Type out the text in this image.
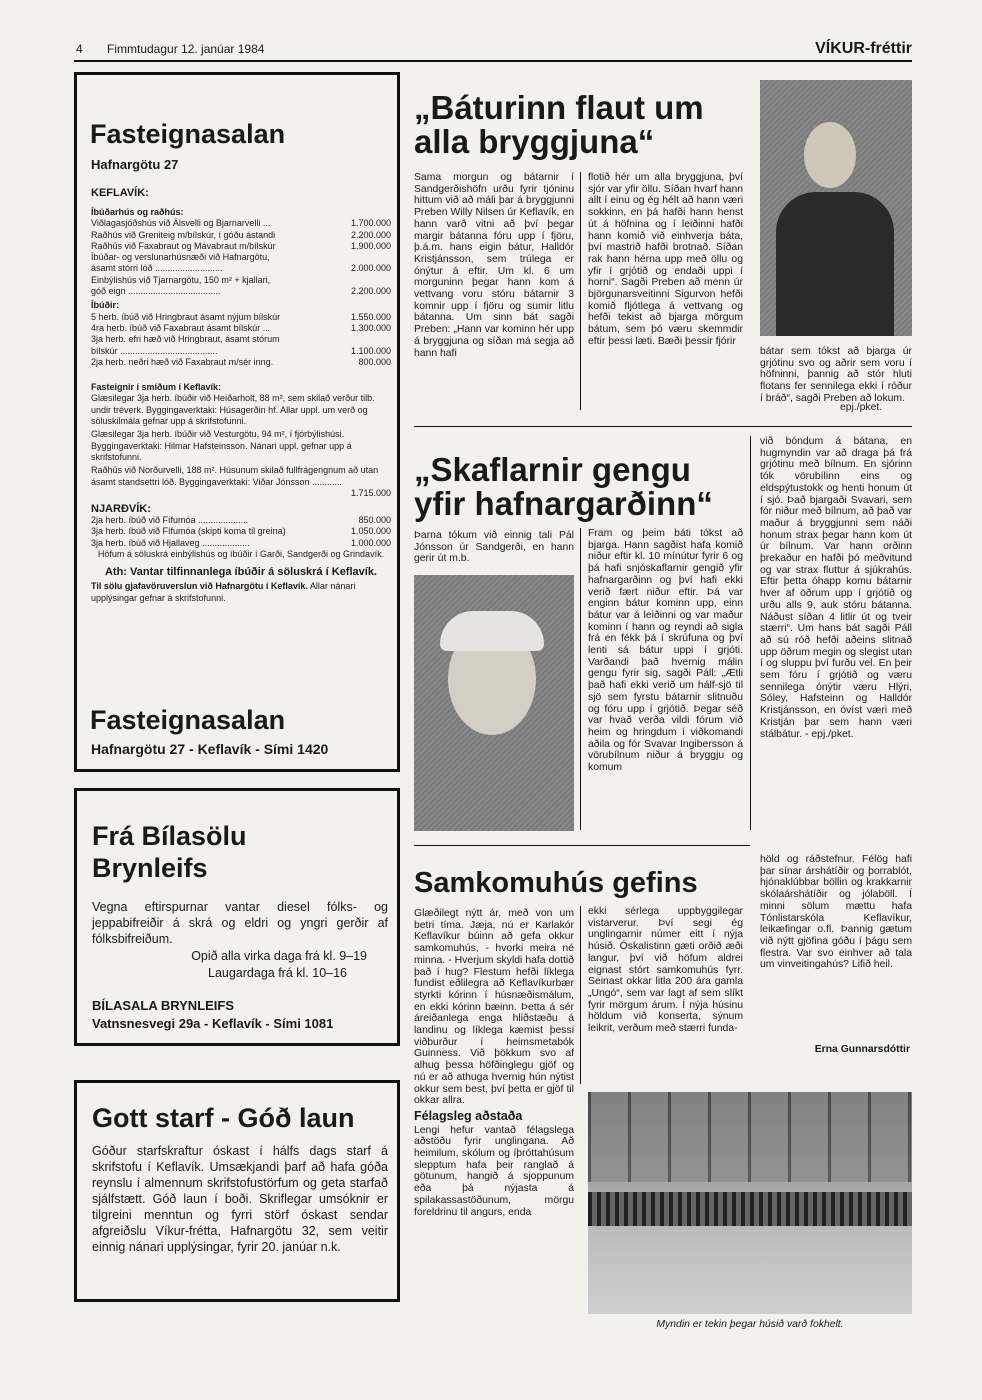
4 Fimmtudagur 12. janúar 1984	VÍKUR-fréttir
Fasteignasalan
Hafnargötu 27
KEFLAVÍK:
Íbúðarhús og raðhús:
Viðlagasjóðshús við Álsvelli og Bjarnarvelli ...	1.700.000
Raðhús við Greniteig m/bílskúr, í góðu ástandi	2.200.000
Raðhús við Faxabraut og Mávabraut m/bílskúr	1.900.000
Íbúðar- og verslunarhúsnæði við Hafnargötu,
ásamt stórri lóð ...........................	2.000.000
Einbýlishús við Tjarnargötu, 150 m² + kjallari,
góð eign .....................................	2.200.000
Íbúðir:
5 herb. íbúð við Hringbraut ásamt nýjum bílskúr	1.550.000
4ra herb. íbúð við Faxabraut ásamt bílskúr ...	1.300.000
3ja herb. efri hæð við Hringbraut, ásamt stórum
bílskúr .......................................	1.100.000
2ja herb. neðri hæð við Faxabraut m/sér inng.	800.000
Fasteignir í smíðum í Keflavík:
Glæsilegar 3ja herb. íbúðir við Heiðarholt, 88 m², sem skilað verður tilb. undir tréverk. Byggingaverktaki: Húsagerðin hf. Allar uppl. um verð og söluskilmála gefnar upp á skrifstofunni.
Glæsilegar 3ja herb. íbúðir við Vesturgötu, 94 m², í fjórbýlishúsi. Byggingaverktaki: Hilmar Hafsteinsson. Nánari uppl. gefnar upp á skrifstofunni.
Raðhús við Norðurvelli, 188 m². Húsunum skilað fullfrágengnum að utan ásamt standsettri lóð. Byggingaverktaki: Viðar Jónsson ............
1.715.000
NJARÐVÍK:
2ja herb. íbúð við Fífumóa ....................	850.000
3ja herb. íbúð við Fífumóa (skipti koma til greina)	1.050.000
3ja herb. íbúð við Hjallaveg ...................	1.000.000
Höfum á söluskrá einbýlishús og íbúðir í Garði, Sandgerði og Grindavík.
Ath: Vantar tilfinnanlega íbúðir á söluskrá í Keflavík.
Til sölu gjafavöruverslun við Hafnargötu í Keflavík. Allar nánari upplýsingar gefnar á skrifstofunni.
Fasteignasalan
Hafnargötu 27 - Keflavík - Sími 1420
Frá Bílasölu
Brynleifs
Vegna eftirspurnar vantar diesel fólks- og jeppabifreiðir á skrá og eldri og yngri gerðir af fólksbifreiðum.
Opið alla virka daga frá kl. 9–19
Laugardaga frá kl. 10–16
BÍLASALA BRYNLEIFS
Vatnsnesvegi 29a - Keflavík - Sími 1081
Gott starf - Góð laun
Góður starfskraftur óskast í hálfs dags starf á skrifstofu í Keflavík. Umsækjandi þarf að hafa góða reynslu í almennum skrifstofustörfum og geta starfað sjálfstætt. Góð laun í boði. Skriflegar umsóknir er tilgreini menntun og fyrri störf óskast sendar afgreiðslu Víkur-frétta, Hafnargötu 32, sem veitir einnig nánari upplýsingar, fyrir 20. janúar n.k.
„Báturinn flaut um
alla bryggjuna“
Sama morgun og bátarnir í Sandgerðishöfn urðu fyrir tjóninu hittum við að máli þar á bryggjunni Preben Willy Nilsen úr Keflavík, en hann varð vitni að því þegar margir bátanna fóru upp í fjöru, þ.á.m. hans eigin bátur, Halldór Kristjánsson, sem trúlega er ónýtur á eftir. Um kl. 6 um morguninn þegar hann kom á vettvang voru stóru bátarnir 3 komnir upp í fjöru og sumir litlu bátanna. Um sinn bát sagði Preben: „Hann var kominn hér upp á bryggjuna og síðan má segja að hann hafi
flotið hér um alla bryggjuna, því sjór var yfir öllu. Síðan hvarf hann allt í einu og ég hélt að hann væri sokkinn, en þá hafði hann henst út á höfnina og í leiðinni hafði hann komið við einhverja báta, því mastrið hafði brotnað. Síðan rak hann hérna upp með öllu og yfir í grjótið og endaði uppi í horni“. Sagði Preben að menn úr björgunarsveitinni Sigurvon hefði komið fljótlega á vettvang og hefði tekist að bjarga mörgum bátum, sem þó væru skemmdir eftir þessi læti. Bæði þessir fjórir
bátar sem tókst að bjarga úr grjótinu svo og aðrir sem voru í höfninni, þannig að stór hluti flotans fer sennilega ekki í róður í bráð“, sagði Preben að lokum.
epj./pket.
„Skaflarnir gengu
yfir hafnargarðinn“
Þarna tókum við einnig tali Pál Jónsson úr Sandgerði, en hann gerir út m.b.
Fram og þeim báti tókst að bjarga. Hann sagðist hafa komið niður eftir kl. 10 mínútur fyrir 6 og þá hafi snjóskaflarnir gengið yfir hafnargarðinn og því hafi ekki verið fært niður eftir. Þá var enginn bátur kominn upp, einn bátur var á leiðinni og var maður kominn í hann og reyndi að sigla frá en fékk þá í skrúfuna og því lenti sá bátur uppi í grjóti. Varðandi það hvernig málin gengu fyrir sig, sagði Páll: „Ætli það hafi ekki verið um hálf-sjö til sjö sem fyrstu bátarnir slitnuðu og fóru upp í grjótið. Þegar séð var hvað verða vildi fórum við heim og hringdum í viðkomandi aðila og fór Svavar Ingibersson á vörubílnum niður á bryggju og komum
við bóndum á bátana, en hugmyndin var að draga þá frá grjótinu með bílnum. En sjórinn tók vörubílinn eins og eldspýtustokk og henti honum út í sjó. Það bjargaði Svavari, sem fór niður með bílnum, að það var maður á bryggjunni sem náði honum strax þegar hann kom út úr bílnum. Var hann orðinn þrekaður en hafði þó meðvitund og var strax fluttur á sjúkrahús. Eftir þetta óhapp komu bátarnir hver af öðrum upp í grjótið og urðu alls 9, auk stóru bátanna. Náðust síðan 4 litlir út og tveir stærri“. Um hans bát sagði Páll að sú róð hefði aðeins slitnað upp öðrum megin og slegist utan í og sluppu því furðu vel. En þeir sem fóru í grjótið og væru sennilega ónýtir væru Hlýri, Sóley, Hafsteinn og Halldór Kristjánsson, en óvíst væri með Kristján þar sem hann væri stálbátur. - epj./pket.
Samkomuhús gefins
Glæðilegt nýtt ár, með von um betri tíma. Jæja, nú er Karlakór Keflavíkur búinn að gefa okkur samkomuhús, - hvorki meira né minna. - Hverjum skyldi hafa dottið það í hug? Flestum hefði líklega fundist eðlilegra að Keflavíkurbær styrkti kórinn í húsnæðismálum, en ekki kórinn bæinn. Þetta á sér áreiðanlega enga hliðstæðu á landinu og líklega kæmist þessi viðburður í heimsmetabók Guinness. Við þökkum svo af alhug þessa höfðinglegu gjöf og nú er að athuga hvernig hún nýtist okkur sem best, því þetta er gjöf til okkar allra.
Félagsleg aðstaða
Lengi hefur vantað félagslega aðstöðu fyrir unglingana. Að heimilum, skólum og íþróttahúsum slepptum hafa þeir ranglað á götunum, hangið á sjoppunum eða þá nýjasta á spilakassastöðunum, mörgu foreldrinu til angurs, enda
ekki sérlega uppbyggilegar vistarverur. Því segi ég unglingarnir númer eitt í nýja húsið. Óskalistinn gæti orðið æði langur, því við höfum aldrei eignast stórt samkomuhús fyrr. Seinast okkar litla 200 ára gamla „Ungó“, sem var lagt af sem slíkt fyrir mörgum árum. Í nýja húsinu höldum við konserta, sýnum leikrit, verðum með stærri funda-
höld og ráðstefnur. Félög hafi þar sínar árshátíðir og þorrablót, hjónaklúbbar böllin og krakkarnir skólaárshátíðir og jólaböll. Í minni sölum mættu hafa Tónlistarskóla Keflavíkur, leikæfingar o.fl. Þannig gætum við nýtt gjöfina góðu í þágu sem flestra. Var svo einhver að tala um vinveitingahús? Lifið heil.
Erna Gunnarsdóttir
Myndin er tekin þegar húsið varð fokhelt.
